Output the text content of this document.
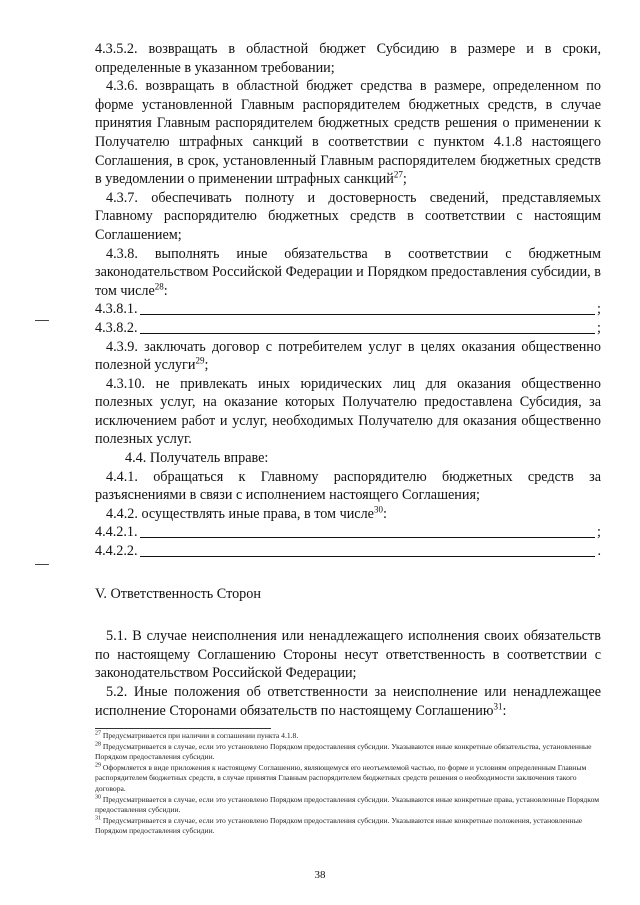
4.3.5.2. возвращать в областной бюджет Субсидию в размере и в сроки, определенные в указанном требовании;

4.3.6. возвращать в областной бюджет средства в размере, определенном по форме установленной Главным распорядителем бюджетных средств, в случае принятия Главным распорядителем бюджетных средств решения о применении к Получателю штрафных санкций в соответствии с пунктом 4.1.8 настоящего Соглашения, в срок, установленный Главным распорядителем бюджетных средств в уведомлении о применении штрафных санкций$^{27}$;

4.3.7. обеспечивать полноту и достоверность сведений, представляемых Главному распорядителю бюджетных средств в соответствии с настоящим Соглашением;

4.3.8. выполнять иные обязательства в соответствии с бюджетным законодательством Российской Федерации и Порядком предоставления субсидии, в том числе$^{28}$:

4.3.8.1.	;
4.3.8.2.	;

4.3.9. заключать договор с потребителем услуг в целях оказания общественно полезной услуги$^{29}$;

4.3.10. не привлекать иных юридических лиц для оказания общественно полезных услуг, на оказание которых Получателю предоставлена Субсидия, за исключением работ и услуг, необходимых Получателю для оказания общественно полезных услуг.

4.4. Получатель вправе:

4.4.1. обращаться к Главному распорядителю бюджетных средств за разъяснениями в связи с исполнением настоящего Соглашения;

4.4.2. осуществлять иные права, в том числе$^{30}$:

4.4.2.1.	;
4.4.2.2.	.

V. Ответственность Сторон

5.1. В случае неисполнения или ненадлежащего исполнения своих обязательств по настоящему Соглашению Стороны несут ответственность в соответствии с законодательством Российской Федерации;

5.2. Иные положения об ответственности за неисполнение или ненадлежащее исполнение Сторонами обязательств по настоящему Соглашению$^{31}$:

$^{27}$ Предусматривается при наличии в соглашении пункта 4.1.8.

$^{28}$ Предусматривается в случае, если это установлено Порядком предоставления субсидии. Указываются иные конкретные обязательства, установленные Порядком предоставления субсидии.

$^{29}$ Оформляется в виде приложения к настоящему Соглашению, являющемуся его неотъемлемой частью, по форме и условиям определенным Главным распорядителем бюджетных средств, в случае принятия Главным распорядителем бюджетных средств решения о необходимости заключения такого договора.

$^{30}$ Предусматривается в случае, если это установлено Порядком предоставления субсидии. Указываются иные конкретные права, установленные Порядком предоставления субсидии.

$^{31}$ Предусматривается в случае, если это установлено Порядком предоставления субсидии. Указываются иные конкретные положения, установленные Порядком предоставления субсидии.

38
